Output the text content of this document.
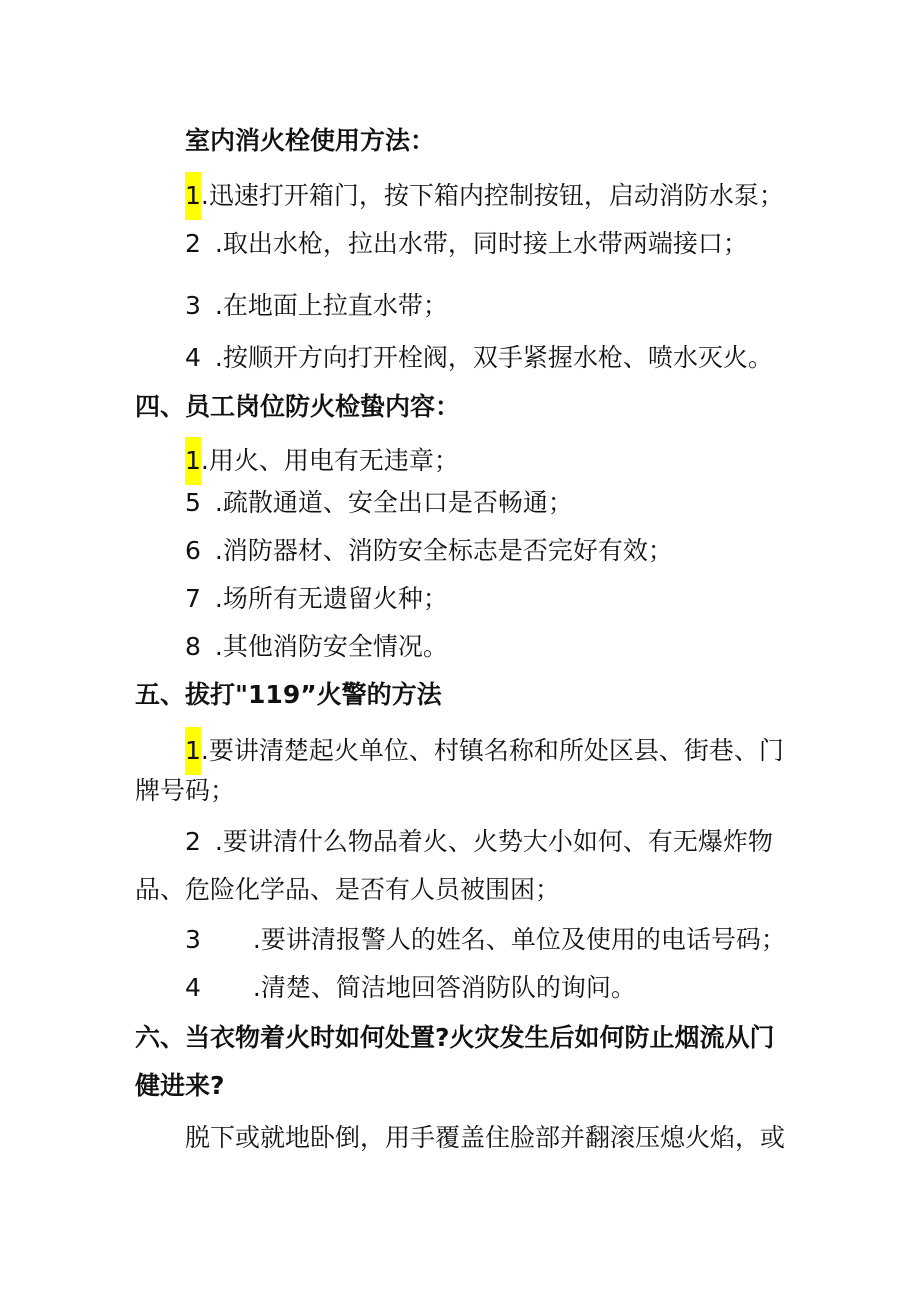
室内消火栓使用方法：
1.迅速打开箱门，按下箱内控制按钮，启动消防水泵；
2 .取出水枪，拉出水带，同时接上水带两端接口；
3 .在地面上拉直水带；
4 .按顺开方向打开栓阀，双手紧握水枪、喷水灭火。
四、员工岗位防火检蛰内容：
1.用火、用电有无违章；
5 .疏散通道、安全出口是否畅通；
6 .消防器材、消防安全标志是否完好有效；
7 .场所有无遗留火种；
8 .其他消防安全情况。
五、拔打"119”火警的方法
1.要讲清楚起火单位、村镇名称和所处区县、街巷、门
牌号码；
2 .要讲清什么物品着火、火势大小如何、有无爆炸物
品、危险化学品、是否有人员被围困；
3 .要讲清报警人的姓名、单位及使用的电话号码；
4 .清楚、简洁地回答消防队的询问。
六、当衣物着火时如何处置?火灾发生后如何防止烟流从门
健进来?
脱下或就地卧倒，用手覆盖住脸部并翻滚压熄火焰，或
